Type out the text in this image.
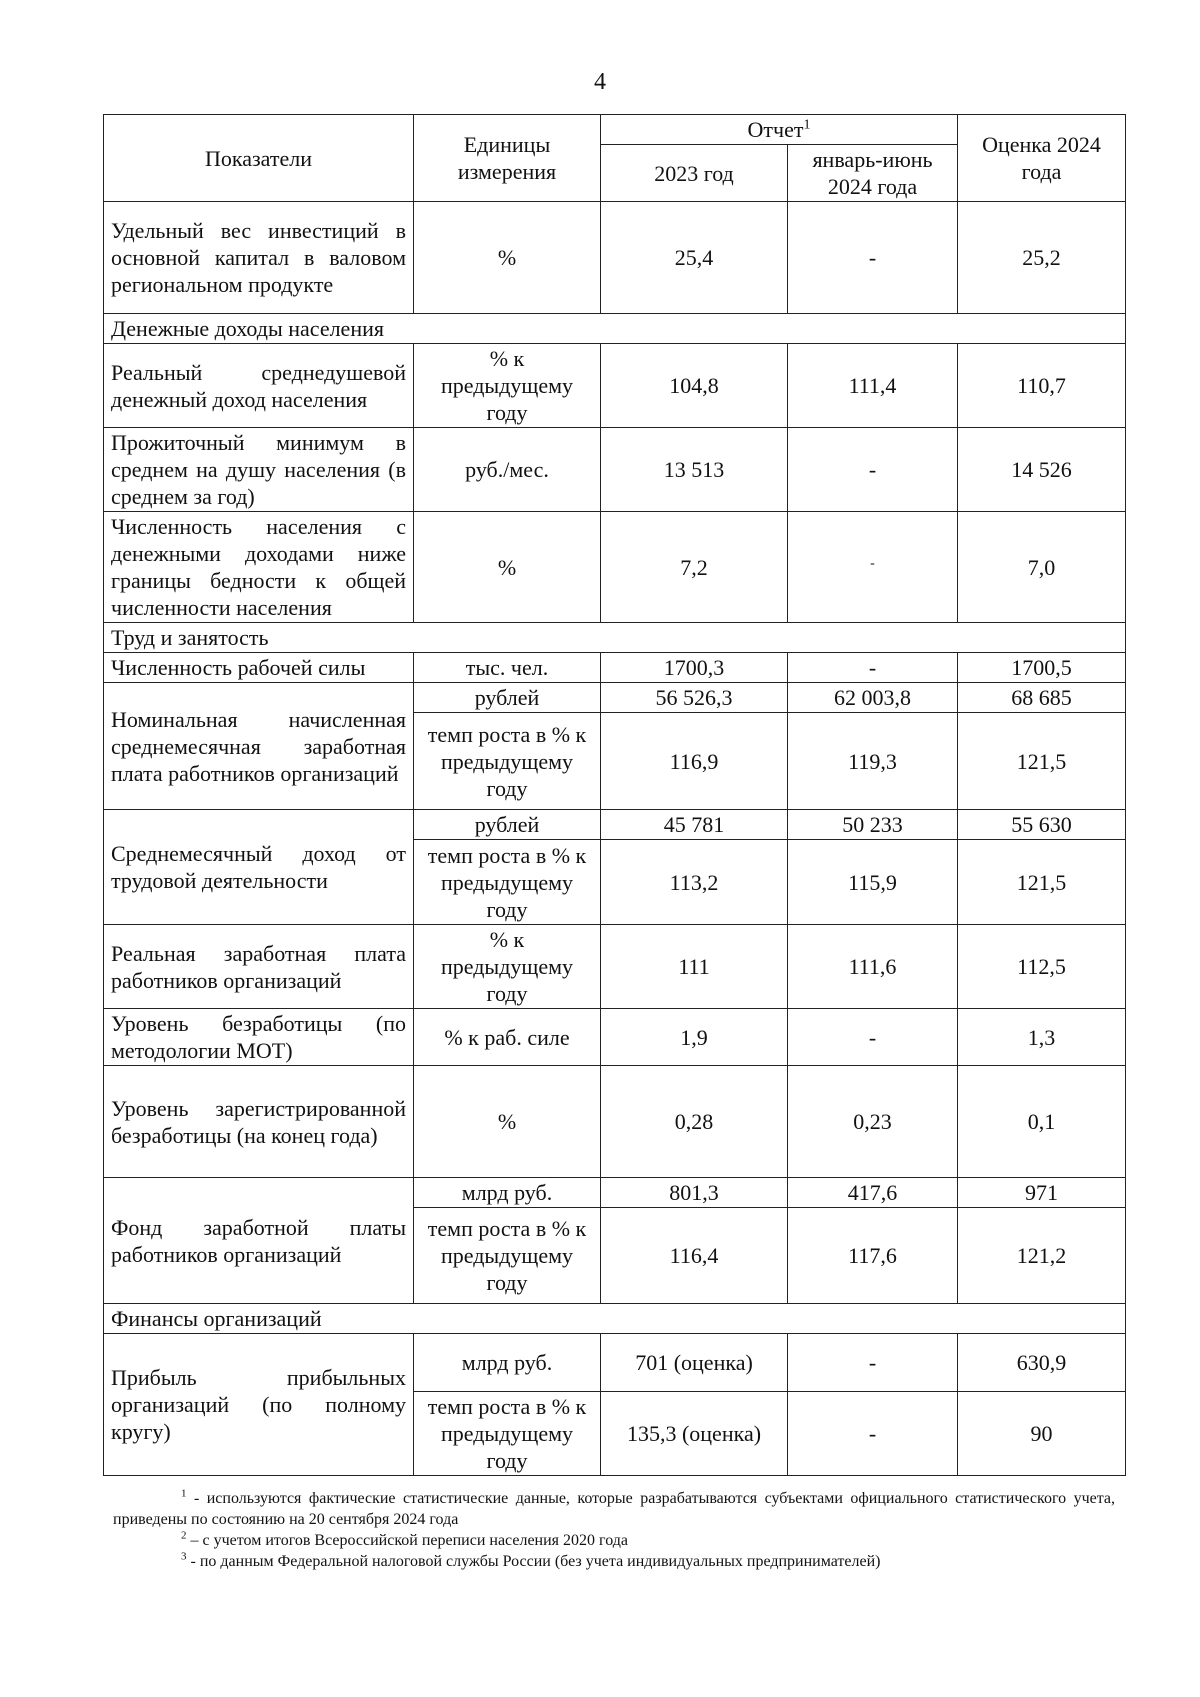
4
Показатели	Единицы измерения	Отчет$^1$		Оценка 2024 года
		2023 год	январь-июнь 2024 года	
Удельный вес инвестиций в основной капитал в валовом региональном продукте	%	25,4	-	25,2
Денежные доходы населения				
Реальный среднедушевой денежный доход населения	% к предыдущему году	104,8	111,4	110,7
Прожиточный минимум в среднем на душу населения (в среднем за год)	руб./мес.	13 513	-	14 526
Численность населения с денежными доходами ниже границы бедности к общей численности населения	%	7,2	-	7,0
Труд и занятость				
Численность рабочей силы	тыс. чел.	1700,3	-	1700,5
Номинальная начисленная среднемесячная заработная плата работников организаций	рублей	56 526,3	62 003,8	68 685
	темп роста в % к предыдущему году	116,9	119,3	121,5
Среднемесячный доход от трудовой деятельности	рублей	45 781	50 233	55 630
	темп роста в % к предыдущему году	113,2	115,9	121,5
Реальная заработная плата работников организаций	% к предыдущему году	111	111,6	112,5
Уровень безработицы (по методологии МОТ)	% к раб. силе	1,9	-	1,3
Уровень зарегистрированной безработицы (на конец года)	%	0,28	0,23	0,1
Фонд заработной платы работников организаций	млрд руб.	801,3	417,6	971
	темп роста в % к предыдущему году	116,4	117,6	121,2
Финансы организаций				
Прибыль прибыльных организаций (по полному кругу)	млрд руб.	701 (оценка)	-	630,9
	темп роста в % к предыдущему году	135,3 (оценка)	-	90
$^1$ - используются фактические статистические данные, которые разрабатываются субъектами официального статистического учета, приведены по состоянию на 20 сентября 2024 года
$^2$ – с учетом итогов Всероссийской переписи населения 2020 года
$^3$ - по данным Федеральной налоговой службы России (без учета индивидуальных предпринимателей)
